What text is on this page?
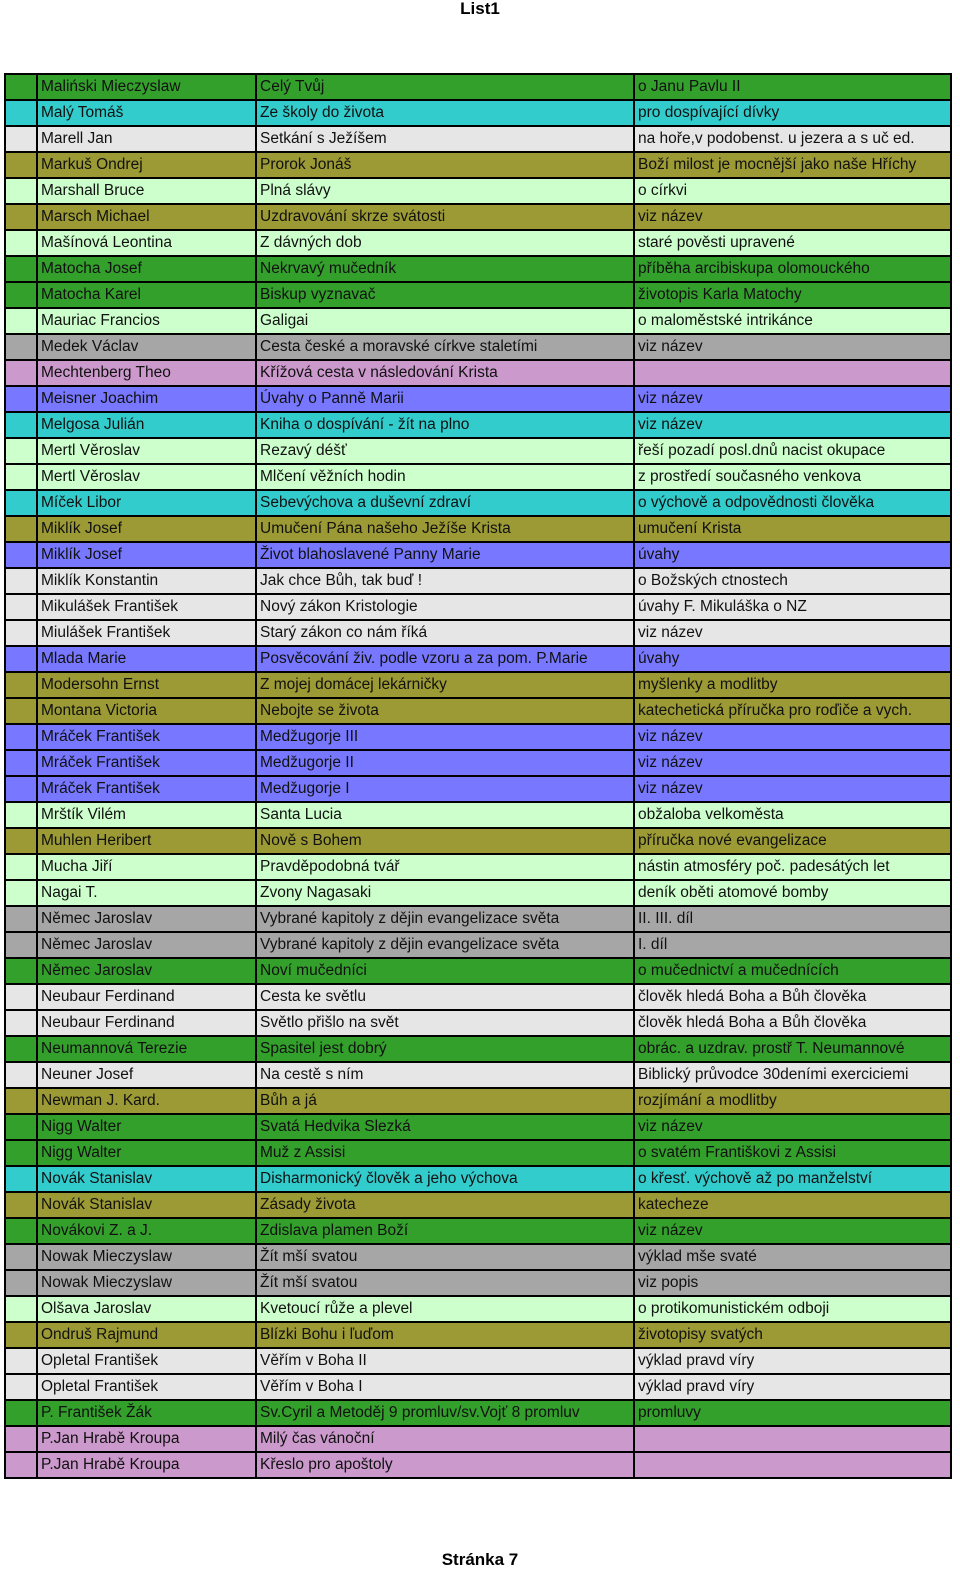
List1
	Maliński Mieczyslaw	Celý Tvůj	o Janu Pavlu II
	Malý Tomáš	Ze školy do života	pro dospívající dívky
	Marell Jan	Setkání s Ježíšem	na hoře,v podobenst. u jezera a s uč ed.
	Markuš Ondrej	Prorok Jonáš	Boží milost je mocnější jako naše Hříchy
	Marshall Bruce	Plná slávy	o církvi
	Marsch Michael	Uzdravování skrze svátosti	viz název
	Mašínová Leontina	Z dávných dob	staré pověsti upravené
	Matocha Josef	Nekrvavý mučedník	příběha arcibiskupa olomouckého
	Matocha Karel	Biskup vyznavač	životopis Karla Matochy
	Mauriac Francios	Galigai	o maloměstské intrikánce
	Medek Václav	Cesta české a moravské církve staletími	viz název
	Mechtenberg Theo	Křížová cesta v následování Krista	
	Meisner Joachim	Úvahy o Panně Marii	viz název
	Melgosa Julián	Kniha o dospívání - žít na plno	viz název
	Mertl Věroslav	Rezavý déšť	řeší pozadí posl.dnů nacist okupace
	Mertl Věroslav	Mlčení věžních hodin	z prostředí současného venkova
	Míček Libor	Sebevýchova a duševní zdraví	o výchově a odpovědnosti člověka
	Miklík Josef	Umučení Pána našeho Ježíše Krista	umučení Krista
	Miklík Josef	Život blahoslavené Panny Marie	úvahy
	Miklík Konstantin	Jak chce Bůh, tak buď !	o Božských ctnostech
	Mikulášek František	Nový zákon Kristologie	úvahy F. Mikuláška o NZ
	Miulášek František	Starý zákon co nám říká	viz název
	Mlada Marie	Posvěcování živ. podle vzoru a za pom. P.Marie	úvahy
	Modersohn Ernst	Z mojej domácej lekárničky	myšlenky a modlitby
	Montana Victoria	Nebojte se života	katechetická příručka pro roďiče a vych.
	Mráček František	Medžugorje III	viz název
	Mráček František	Medžugorje II	viz název
	Mráček František	Medžugorje I	viz název
	Mrštík Vilém	Santa Lucia	obžaloba velkoměsta
	Muhlen Heribert	Nově s Bohem	příručka nové evangelizace
	Mucha Jiří	Pravděpodobná tvář	nástin atmosféry poč. padesátých let
	Nagai T.	Zvony Nagasaki	deník oběti atomové bomby
	Němec Jaroslav	Vybrané kapitoly z dějin evangelizace světa	II. III. díl
	Němec Jaroslav	Vybrané kapitoly z dějin evangelizace světa	I. díl
	Němec Jaroslav	Noví mučedníci	o mučednictví a mučednících
	Neubaur Ferdinand	Cesta ke světlu	člověk hledá Boha a Bůh člověka
	Neubaur Ferdinand	Světlo přišlo na svět	člověk hledá Boha a Bůh člověka
	Neumannová Terezie	Spasitel jest dobrý	obrác. a uzdrav. prostř T. Neumannové
	Neuner Josef	Na cestě s ním	Biblický průvodce 30deními exerciciemi
	Newman J. Kard.	Bůh a já	rozjímání a modlitby
	Nigg Walter	Svatá Hedvika Slezká	viz název
	Nigg Walter	Muž z Assisi	o svatém Františkovi z Assisi
	Novák Stanislav	Disharmonický člověk a jeho výchova	o křesť. výchově až po manželství
	Novák Stanislav	Zásady života	katecheze
	Novákovi Z. a J.	Zdislava plamen Boží	viz název
	Nowak Mieczyslaw	Žít mší svatou	výklad mše svaté
	Nowak Mieczyslaw	Žít mší svatou	viz popis
	Olšava Jaroslav	Kvetoucí růže a plevel	o protikomunistickém odboji
	Ondruš Rajmund	Blízki Bohu i ľuďom	životopisy svatých
	Opletal František	Věřím v Boha II	výklad pravd víry
	Opletal František	Věřím v Boha I	výklad pravd víry
	P. František Žák	Sv.Cyril a Metoděj 9 promluv/sv.Vojť 8 promluv	promluvy
	P.Jan Hrabě Kroupa	Milý čas vánoční	
	P.Jan Hrabě Kroupa	Křeslo pro apoštoly	
Stránka 7
